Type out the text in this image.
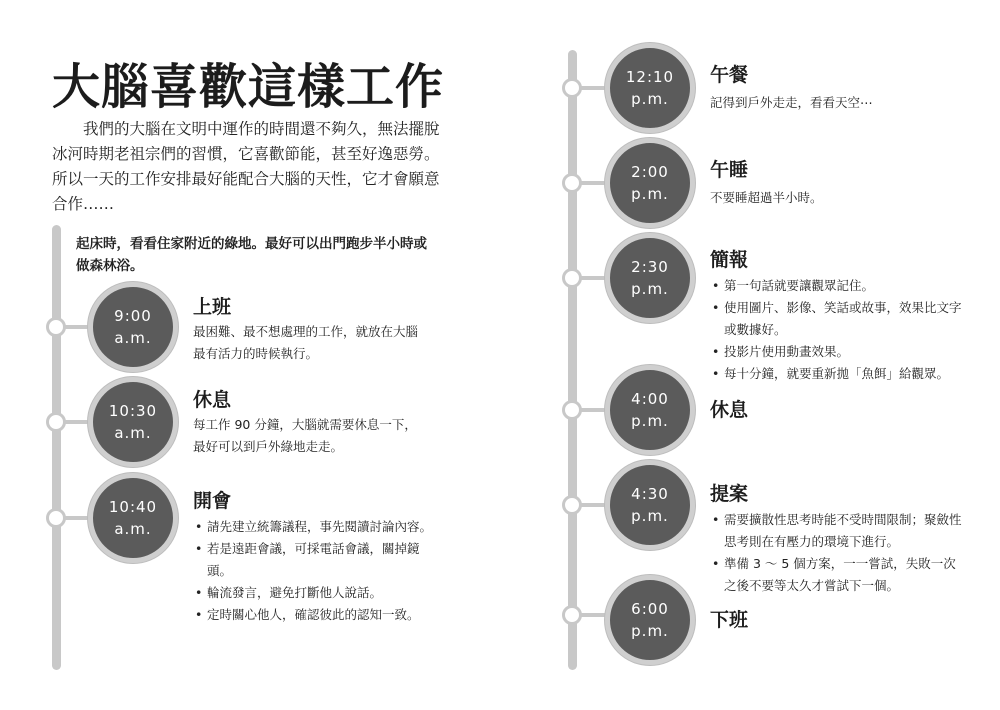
大腦喜歡這樣工作

我們的大腦在文明中運作的時間還不夠久，無法擺脫冰河時期老祖宗們的習慣，它喜歡節能，甚至好逸惡勞。所以一天的工作安排最好能配合大腦的天性，它才會願意合作……

起床時，看看住家附近的綠地。最好可以出門跑步半小時或做森林浴。

9:00
a.m.
上班
最困難、最不想處理的工作，就放在大腦最有活力的時候執行。
10:30
a.m.
休息
每工作 90 分鐘，大腦就需要休息一下，最好可以到戶外綠地走走。
10:40
a.m.
開會
• 請先建立統籌議程，事先閱讀討論內容。
• 若是遠距會議，可採電話會議，關掉鏡頭。
• 輪流發言，避免打斷他人說話。
• 定時關心他人，確認彼此的認知一致。
12:10
p.m.
午餐
記得到戶外走走，看看天空⋯
2:00
p.m.
午睡
不要睡超過半小時。
2:30
p.m.
簡報
• 第一句話就要讓觀眾記住。
• 使用圖片、影像、笑話或故事，效果比文字或數據好。
• 投影片使用動畫效果。
• 每十分鐘，就要重新拋「魚餌」給觀眾。
4:00
p.m. 休息
4:30
p.m.
提案
• 需要擴散性思考時能不受時間限制；聚斂性思考則在有壓力的環境下進行。
• 準備 3 ～ 5 個方案，一一嘗試，失敗一次之後不要等太久才嘗試下一個。
6:00
p.m. 下班
